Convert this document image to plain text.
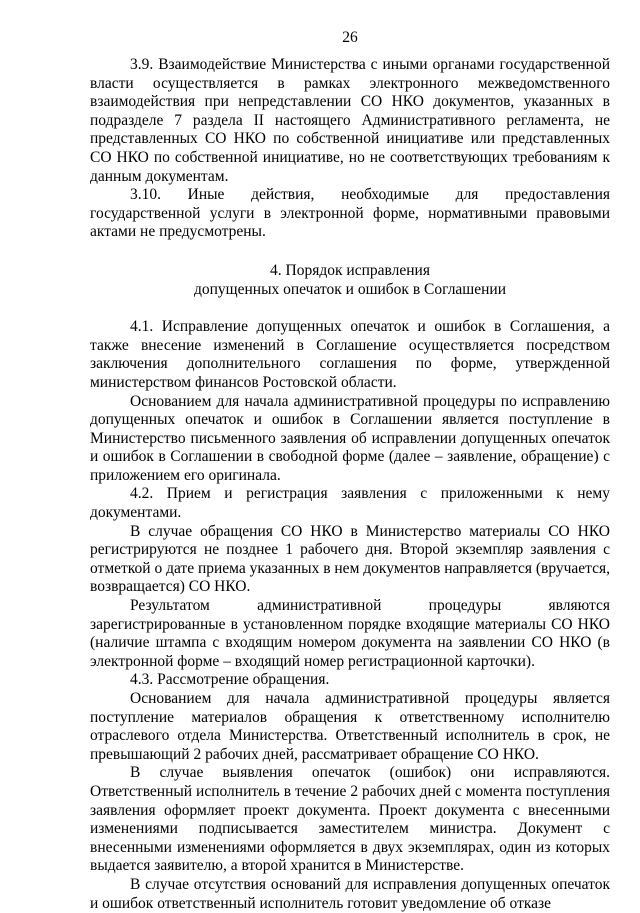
26

3.9. Взаимодействие Министерства с иными органами государственной власти осуществляется в рамках электронного межведомственного взаимодействия при непредставлении СО НКО документов, указанных в подразделе 7 раздела II настоящего Административного регламента, не представленных СО НКО по собственной инициативе или представленных СО НКО по собственной инициативе, но не соответствующих требованиям к данным документам.

3.10. Иные действия, необходимые для предоставления государственной услуги в электронной форме, нормативными правовыми актами не предусмотрены.

4. Порядок исправления
допущенных опечаток и ошибок в Соглашении

4.1. Исправление допущенных опечаток и ошибок в Соглашения, а также внесение изменений в Соглашение осуществляется посредством заключения дополнительного соглашения по форме, утвержденной министерством финансов Ростовской области.

Основанием для начала административной процедуры по исправлению допущенных опечаток и ошибок в Соглашении является поступление в Министерство письменного заявления об исправлении допущенных опечаток и ошибок в Соглашении в свободной форме (далее – заявление, обращение) с приложением его оригинала.

4.2. Прием и регистрация заявления с приложенными к нему документами.

В случае обращения СО НКО в Министерство материалы СО НКО регистрируются не позднее 1 рабочего дня. Второй экземпляр заявления с отметкой о дате приема указанных в нем документов направляется (вручается, возвращается) СО НКО.

Результатом административной процедуры являются зарегистрированные в установленном порядке входящие материалы СО НКО (наличие штампа с входящим номером документа на заявлении СО НКО (в электронной форме – входящий номер регистрационной карточки).

4.3. Рассмотрение обращения.

Основанием для начала административной процедуры является поступление материалов обращения к ответственному исполнителю отраслевого отдела Министерства. Ответственный исполнитель в срок, не превышающий 2 рабочих дней, рассматривает обращение СО НКО.

В случае выявления опечаток (ошибок) они исправляются. Ответственный исполнитель в течение 2 рабочих дней с момента поступления заявления оформляет проект документа. Проект документа с внесенными изменениями подписывается заместителем министра. Документ с внесенными изменениями оформляется в двух экземплярах, один из которых выдается заявителю, а второй хранится в Министерстве.

В случае отсутствия оснований для исправления допущенных опечаток и ошибок ответственный исполнитель готовит уведомление об отказе
